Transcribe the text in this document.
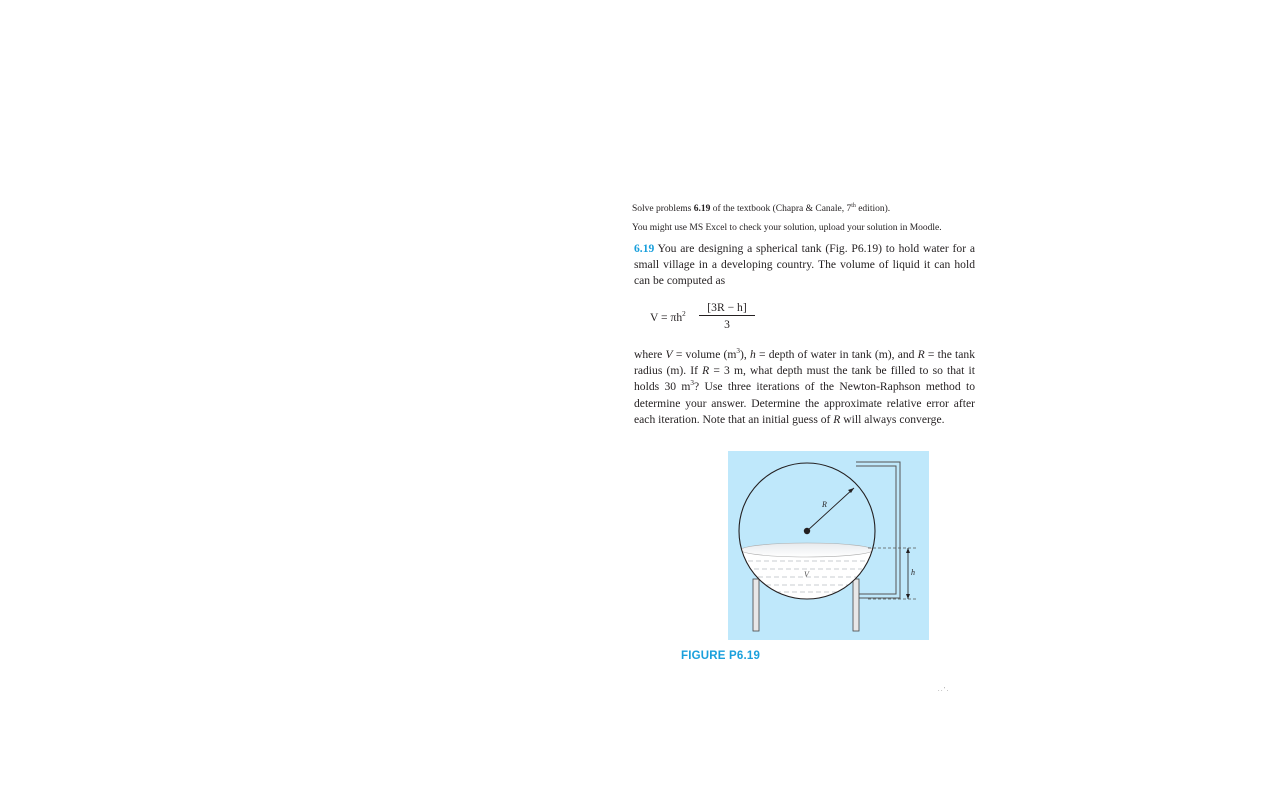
Solve problems 6.19 of the textbook (Chapra & Canale, 7th edition).
You might use MS Excel to check your solution, upload your solution in Moodle.
6.19 You are designing a spherical tank (Fig. P6.19) to hold water for a small village in a developing country. The volume of liquid it can hold can be computed as
$V = \pi h^2 \frac{[3R - h]}{3}$
where V = volume $(m^3)$, h = depth of water in tank (m), and R = the tank radius (m). If R = 3 m, what depth must the tank be filled to so that it holds 30 $m^3$? Use three iterations of the Newton-Raphson method to determine your answer. Determine the approximate relative error after each iteration. Note that an initial guess of R will always converge.
R
V	h
FIGURE P6.19
. . ' .
